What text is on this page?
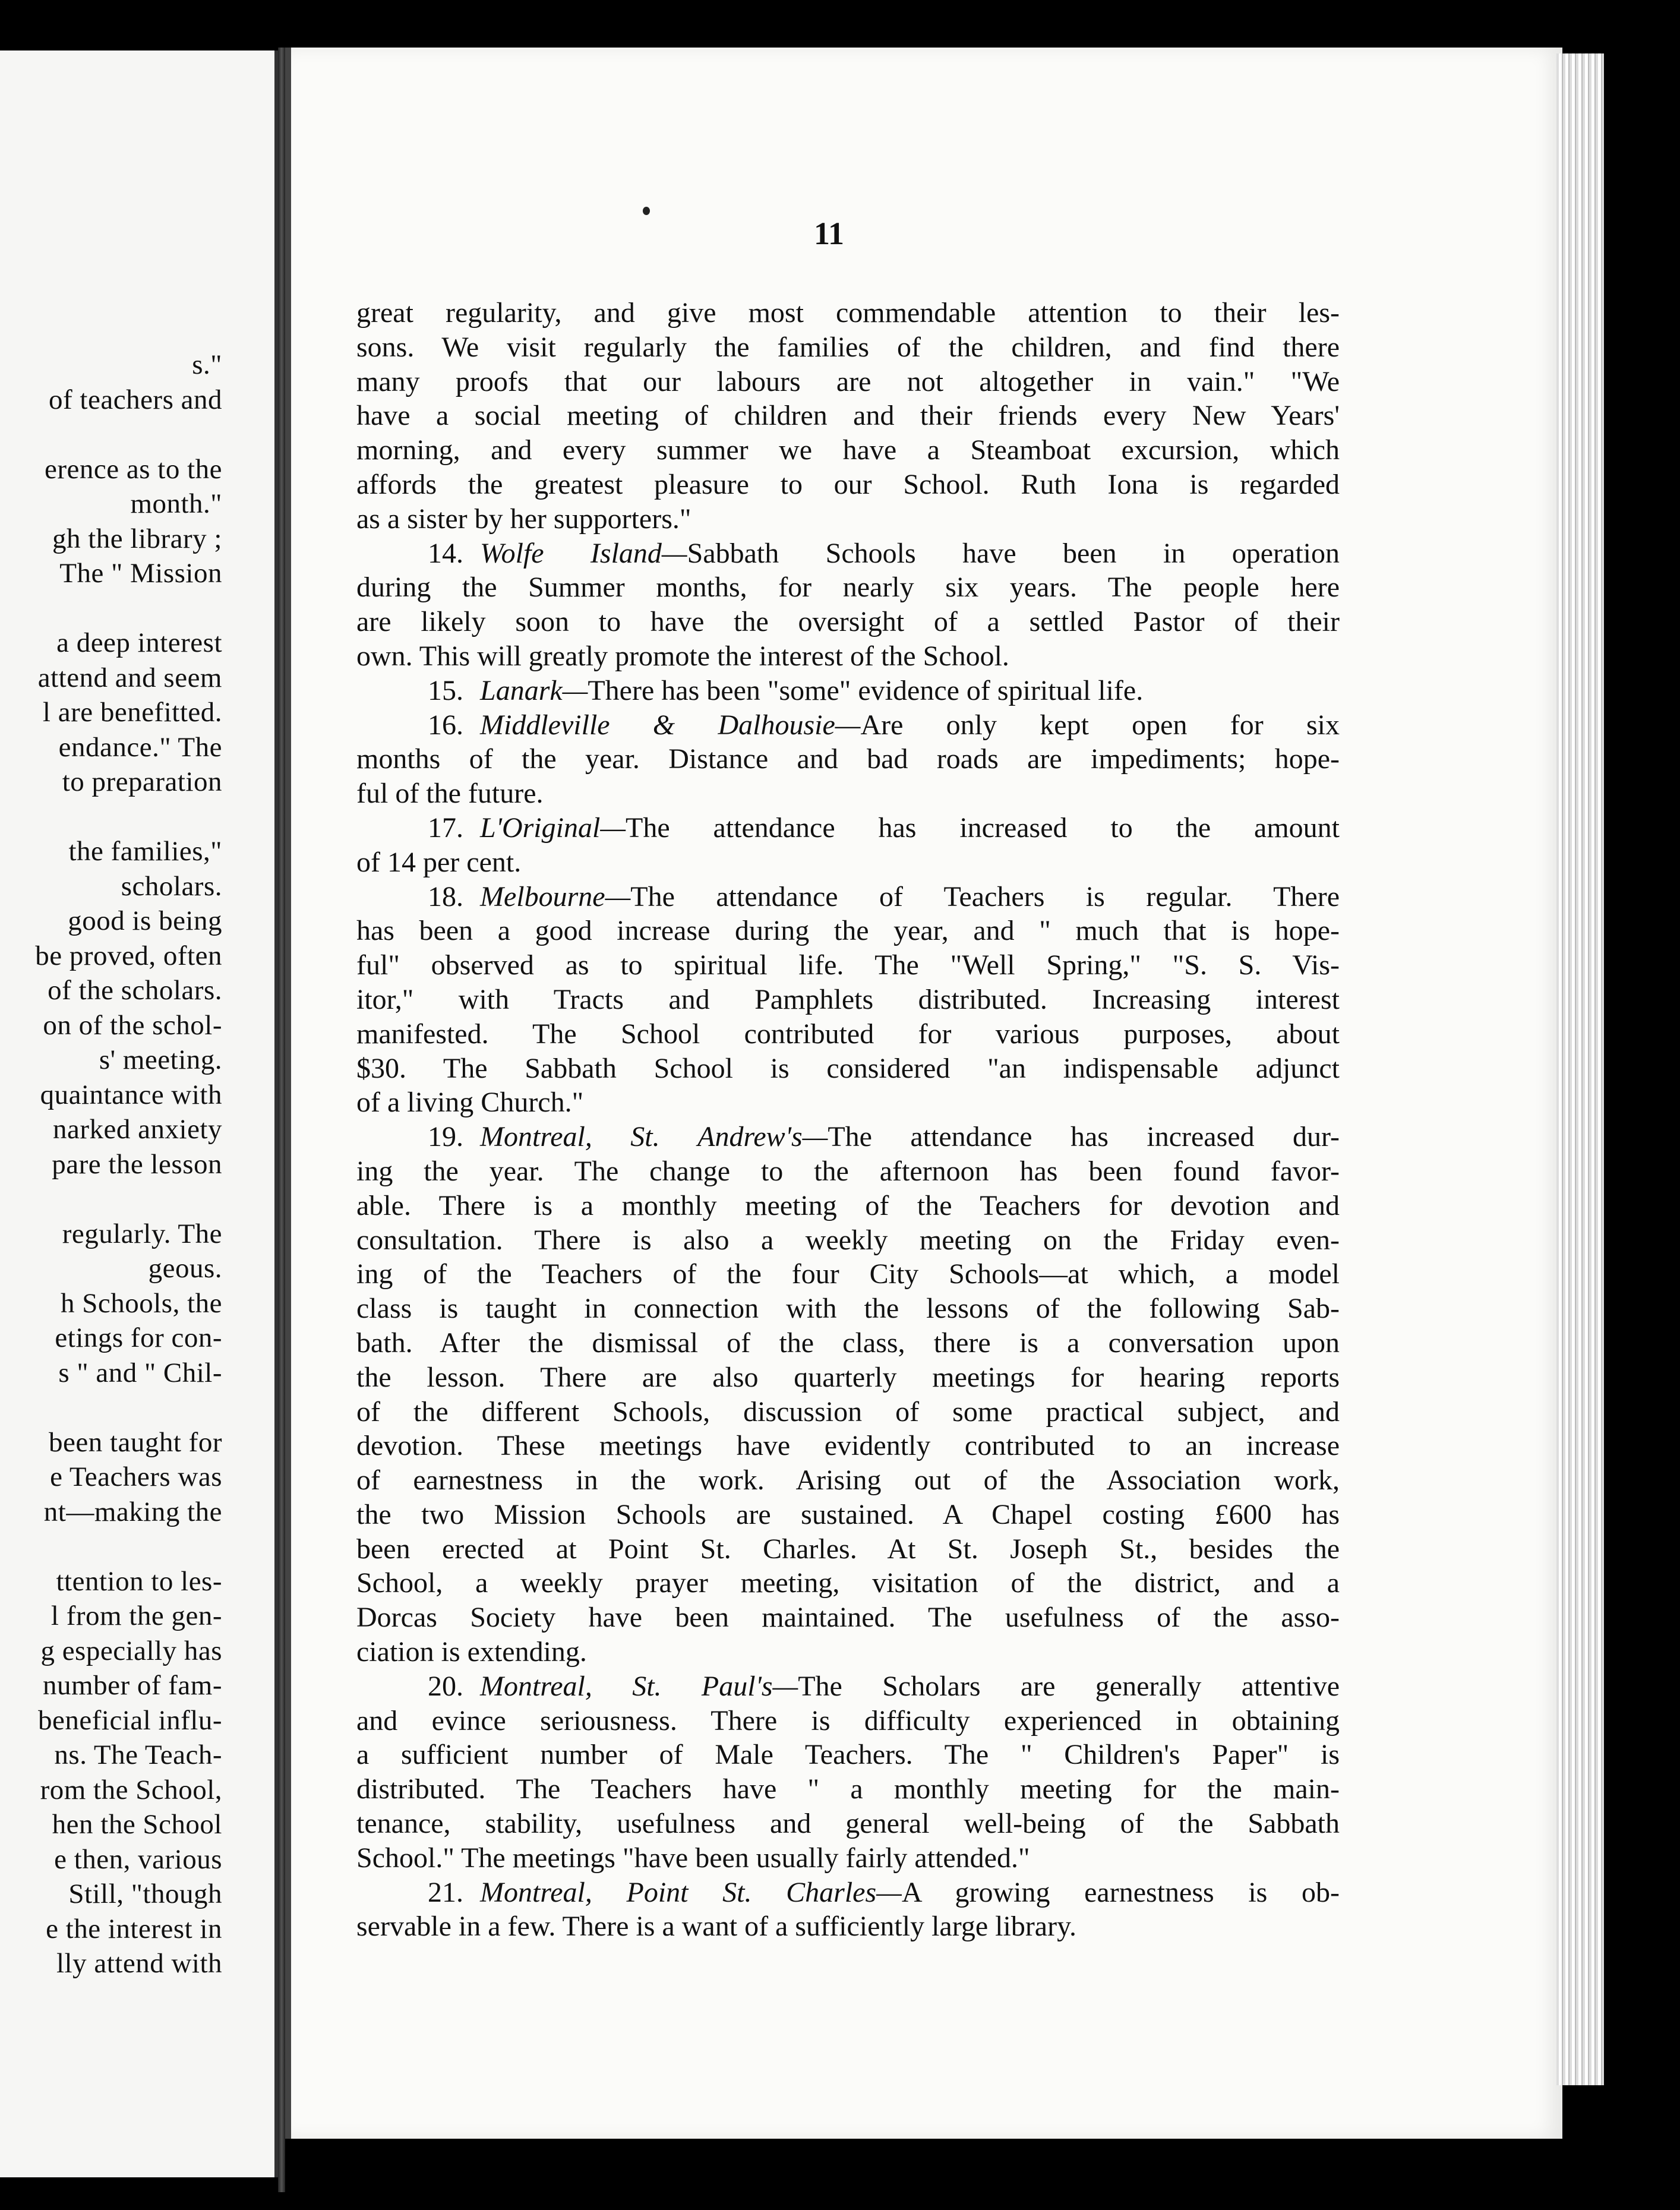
s."
of teachers and
erence as to the
month."
gh the library ;
The " Mission
a deep interest
attend and seem
l are benefitted.
endance." The
to preparation
the families,"
scholars.
good is being
be proved, often
of the scholars.
on of the schol-
s' meeting.
quaintance with
narked anxiety
pare the lesson
regularly. The
geous.
h Schools, the
etings for con-
s " and " Chil-
been taught for
e Teachers was
nt—making the
ttention to les-
l from the gen-
g especially has
number of fam-
beneficial influ-
ns. The Teach-
rom the School,
hen the School
e then, various
Still, "though
e the interest in
lly attend with
11
great regularity, and give most commendable attention to their les-
sons. We visit regularly the families of the children, and find there
many proofs that our labours are not altogether in vain." "We
have a social meeting of children and their friends every New Years'
morning, and every summer we have a Steamboat excursion, which
affords the greatest pleasure to our School. Ruth Iona is regarded
as a sister by her supporters."
14. Wolfe Island—Sabbath Schools have been in operation
during the Summer months, for nearly six years. The people here
are likely soon to have the oversight of a settled Pastor of their
own. This will greatly promote the interest of the School.
15. Lanark—There has been "some" evidence of spiritual life.
16. Middleville & Dalhousie—Are only kept open for six
months of the year. Distance and bad roads are impediments; hope-
ful of the future.
17. L'Original—The attendance has increased to the amount
of 14 per cent.
18. Melbourne—The attendance of Teachers is regular. There
has been a good increase during the year, and " much that is hope-
ful" observed as to spiritual life. The "Well Spring," "S. S. Vis-
itor," with Tracts and Pamphlets distributed. Increasing interest
manifested. The School contributed for various purposes, about
$30. The Sabbath School is considered "an indispensable adjunct
of a living Church."
19. Montreal, St. Andrew's—The attendance has increased dur-
ing the year. The change to the afternoon has been found favor-
able. There is a monthly meeting of the Teachers for devotion and
consultation. There is also a weekly meeting on the Friday even-
ing of the Teachers of the four City Schools—at which, a model
class is taught in connection with the lessons of the following Sab-
bath. After the dismissal of the class, there is a conversation upon
the lesson. There are also quarterly meetings for hearing reports
of the different Schools, discussion of some practical subject, and
devotion. These meetings have evidently contributed to an increase
of earnestness in the work. Arising out of the Association work,
the two Mission Schools are sustained. A Chapel costing £600 has
been erected at Point St. Charles. At St. Joseph St., besides the
School, a weekly prayer meeting, visitation of the district, and a
Dorcas Society have been maintained. The usefulness of the asso-
ciation is extending.
20. Montreal, St. Paul's—The Scholars are generally attentive
and evince seriousness. There is difficulty experienced in obtaining
a sufficient number of Male Teachers. The " Children's Paper" is
distributed. The Teachers have " a monthly meeting for the main-
tenance, stability, usefulness and general well-being of the Sabbath
School." The meetings "have been usually fairly attended."
21. Montreal, Point St. Charles—A growing earnestness is ob-
servable in a few. There is a want of a sufficiently large library.
